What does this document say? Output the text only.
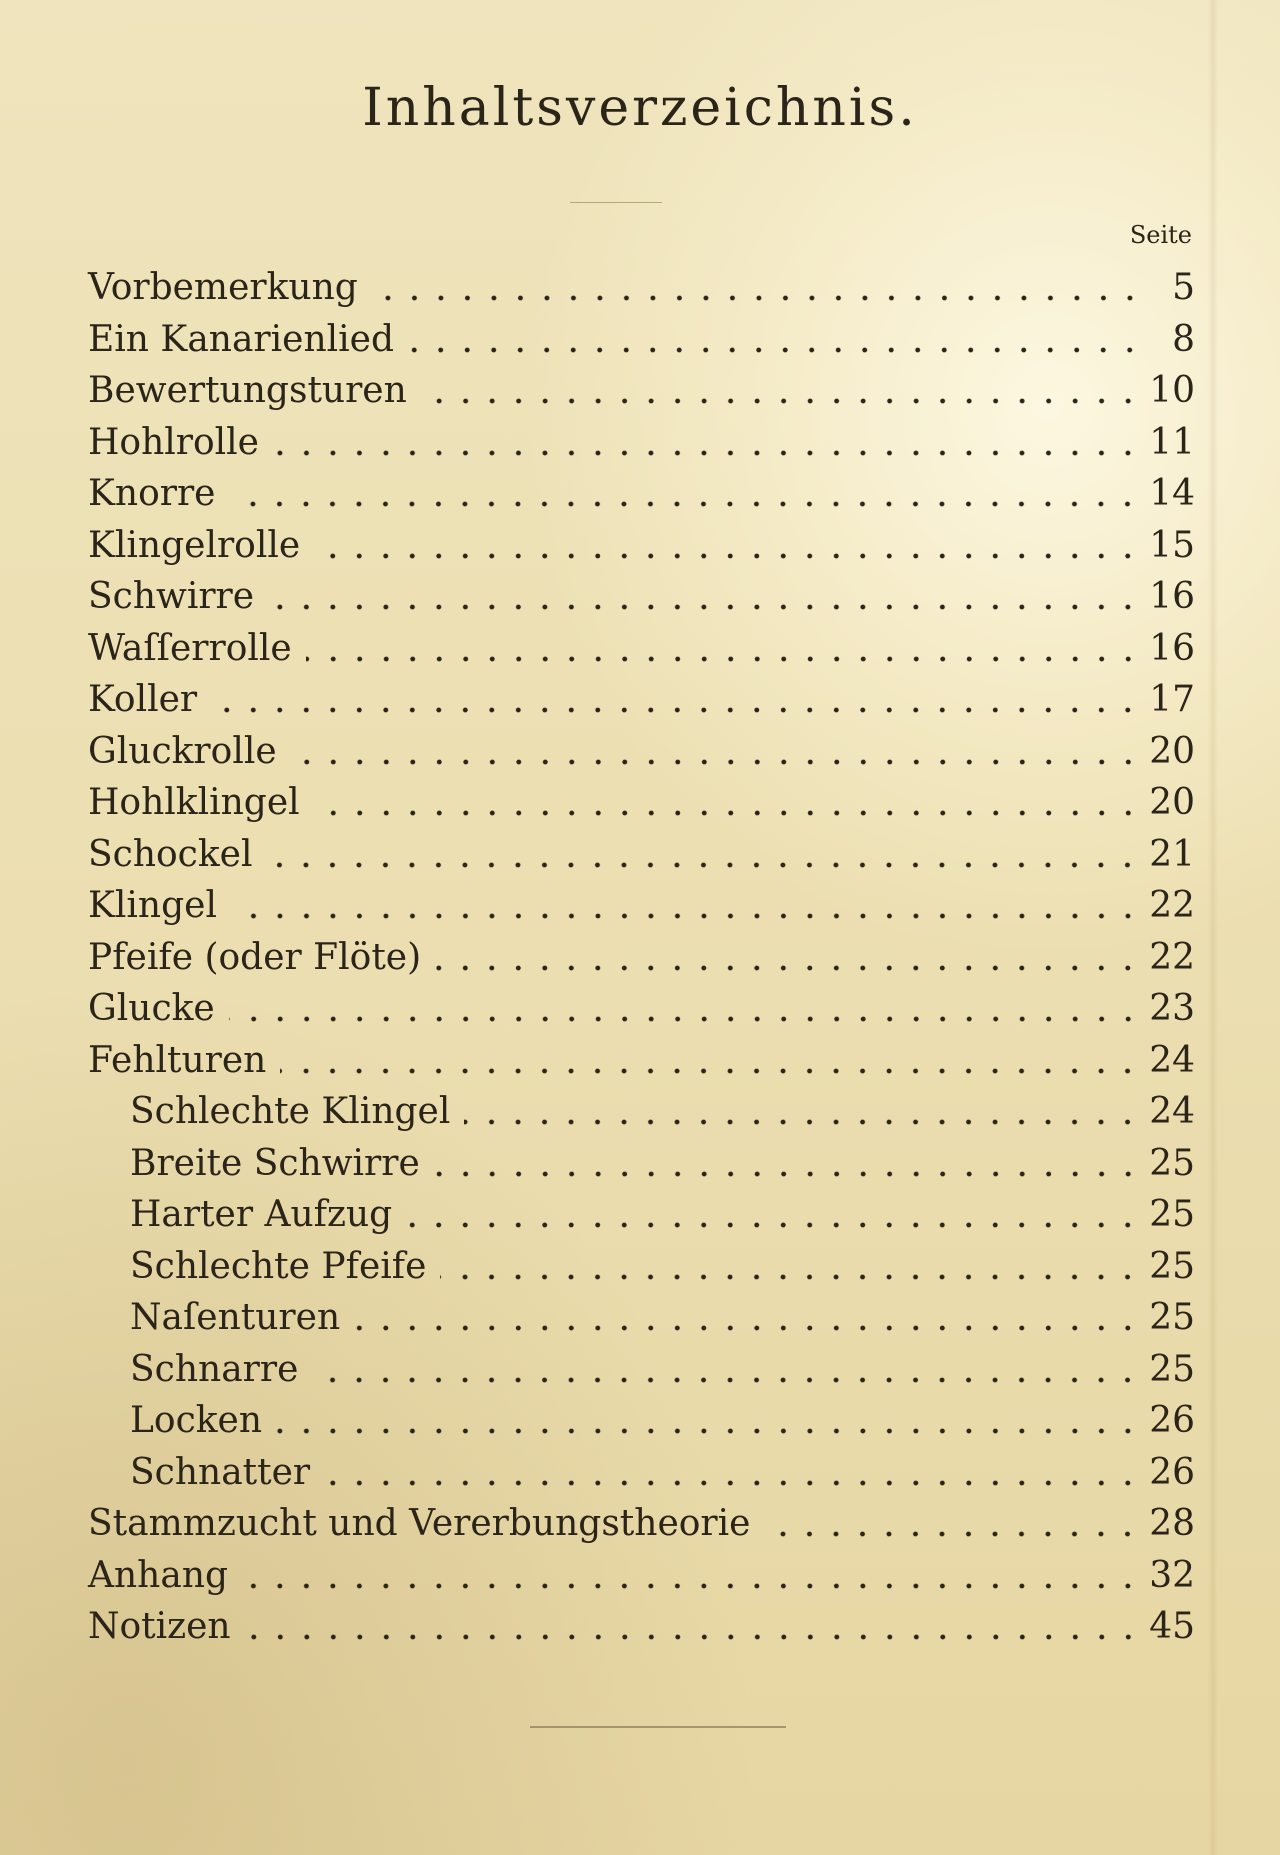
Inhaltsverzeichnis.
Seite
Vorbemerkung	5
Ein Kanarienlied	8
Bewertungsturen	10
Hohlrolle	11
Knorre	14
Klingelrolle	15
Schwirre	16
Waſſerrolle	16
Koller	17
Gluckrolle	20
Hohlklingel	20
Schockel	21
Klingel	22
Pfeife (oder Flöte)	22
Glucke	23
Fehlturen	24
Schlechte Klingel	24
Breite Schwirre	25
Harter Aufzug	25
Schlechte Pfeife	25
Naſenturen	25
Schnarre	25
Locken	26
Schnatter	26
Stammzucht und Vererbungstheorie	28
Anhang	32
Notizen	45
